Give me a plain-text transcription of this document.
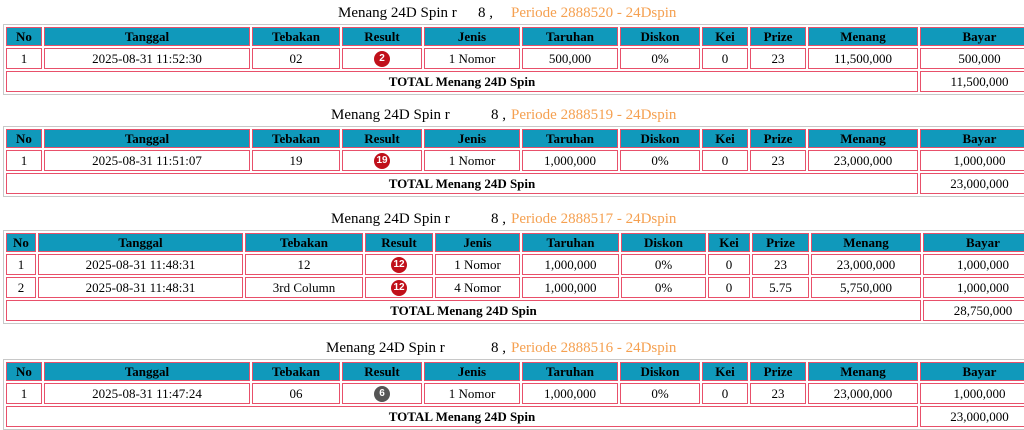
Menang 24D Spin r 8 , Periode 2888520 - 24Dspin
No	Tanggal	Tebakan	Result	Jenis	Taruhan	Diskon	Kei	Prize	Menang	Bayar
1	2025-08-31 11:52:30	02	2	1 Nomor	500,000	0%	0	23	11,500,000	500,000
TOTAL Menang 24D Spin										11,500,000
Menang 24D Spin r	8 , Periode 2888519 - 24Dspin
No	Tanggal	Tebakan	Result	Jenis	Taruhan	Diskon	Kei	Prize	Menang	Bayar
1	2025-08-31 11:51:07	19	19	1 Nomor	1,000,000	0%	0	23	23,000,000	1,000,000
TOTAL Menang 24D Spin										23,000,000
Menang 24D Spin r	8 , Periode 2888517 - 24Dspin
No	Tanggal	Tebakan	Result	Jenis	Taruhan	Diskon	Kei	Prize	Menang	Bayar
1	2025-08-31 11:48:31	12	12	1 Nomor	1,000,000	0%	0	23	23,000,000	1,000,000
2	2025-08-31 11:48:31	3rd Column	12	4 Nomor	1,000,000	0%	0	5.75	5,750,000	1,000,000
TOTAL Menang 24D Spin										28,750,000
Menang 24D Spin r	8 , Periode 2888516 - 24Dspin
No	Tanggal	Tebakan	Result	Jenis	Taruhan	Diskon	Kei	Prize	Menang	Bayar
1	2025-08-31 11:47:24	06	6	1 Nomor	1,000,000	0%	0	23	23,000,000	1,000,000
TOTAL Menang 24D Spin										23,000,000
